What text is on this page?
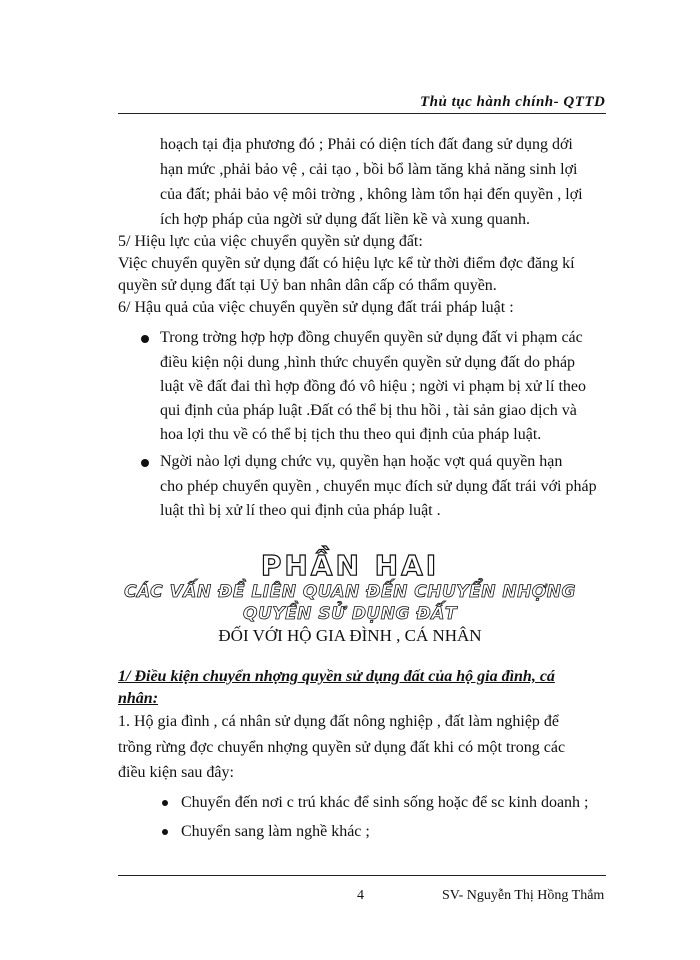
Thủ tục hành chính- QTTD
hoạch tại địa phương đó ; Phải có diện tích đất đang sử dụng dới
hạn mức ,phải bảo vệ , cải tạo , bồi bổ làm tăng khả năng sinh lợi
của đất; phải bảo vệ môi trờng , không làm tổn hại đến quyền , lợi
ích hợp pháp của ngời sử dụng đất liền kề và xung quanh.
5/ Hiệu lực của việc chuyển quyền sử dụng đất:
Việc chuyển quyền sử dụng đất có hiệu lực kể từ thời điểm đợc đăng kí
quyền sử dụng đất tại Uỷ ban nhân dân cấp có thẩm quyền.
6/ Hậu quả của việc chuyển quyền sử dụng đất trái pháp luật :
Trong trờng hợp hợp đồng chuyển quyền sử dụng đất vi phạm các
điều kiện nội dung ,hình thức chuyển quyền sử dụng đất do pháp
luật về đất đai thì hợp đồng đó vô hiệu ; ngời vi phạm bị xử lí theo
qui định của pháp luật .Đất có thể bị thu hồi , tài sản giao dịch và
hoa lợi thu về có thể bị tịch thu theo qui định của pháp luật.
Ngời nào lợi dụng chức vụ, quyền hạn hoặc vợt quá quyền hạn
cho phép chuyển quyền , chuyển mục đích sử dụng đất trái với pháp
luật thì bị xử lí theo qui định của pháp luật .
PHẦN HAI
CÁC VẤN ĐỀ LIÊN QUAN ĐẾN CHUYỂN NHỢNG
QUYỀN SỬ DỤNG ĐẤT
ĐỐI VỚI HỘ GIA ĐÌNH , CÁ NHÂN
1/ Điều kiện chuyển nhợng quyền sử dụng đất của hộ gia đình, cá
nhân:
1. Hộ gia đình , cá nhân sử dụng đất nông nghiệp , đất làm nghiệp để
trồng rừng đợc chuyển nhợng quyền sử dụng đất khi có một trong các
điều kiện sau đây:
Chuyển đến nơi c trú khác để sinh sống hoặc để sc kinh doanh ;
Chuyển sang làm nghề khác ;
4	SV- Nguyễn Thị Hồng Thắm
